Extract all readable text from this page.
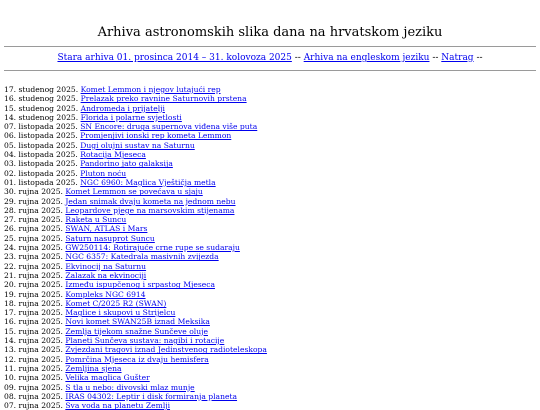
Arhiva astronomskih slika dana na hrvatskom jeziku
Stara arhiva 01. prosinca 2014 – 31. kolovoza 2025 -- Arhiva na engleskom jeziku -- Natrag --
17. studenog 2025. Komet Lemmon i njegov lutajući rep
16. studenog 2025. Prelazak preko ravnine Saturnovih prstena
15. studenog 2025. Andromeda i prijatelji
14. studenog 2025. Florida i polarne svjetlosti
07. listopada 2025. SN Encore: druga supernova viđena više puta
06. listopada 2025. Promjenjivi ionski rep kometa Lemmon
05. listopada 2025. Dugi olujni sustav na Saturnu
04. listopada 2025. Rotacija Mjeseca
03. listopada 2025. Pandorino jato galaksija
02. listopada 2025. Pluton noću
01. listopada 2025. NGC 6960: Maglica Vještičja metla
30. rujna 2025. Komet Lemmon se povećava u sjaju
29. rujna 2025. Jedan snimak dvaju kometa na jednom nebu
28. rujna 2025. Leopardove pjege na marsovskim stijenama
27. rujna 2025. Raketa u Suncu
26. rujna 2025. SWAN, ATLAS i Mars
25. rujna 2025. Saturn nasuprot Suncu
24. rujna 2025. GW250114: Rotirajuće crne rupe se sudaraju
23. rujna 2025. NGC 6357: Katedrala masivnih zvijezda
22. rujna 2025. Ekvinocij na Saturnu
21. rujna 2025. Zalazak na ekvinociji
20. rujna 2025. Između ispupčenog i srpastog Mjeseca
19. rujna 2025. Kompleks NGC 6914
18. rujna 2025. Komet C/2025 R2 (SWAN)
17. rujna 2025. Maglice i skupovi u Strijelcu
16. rujna 2025. Novi komet SWAN25B iznad Meksika
15. rujna 2025. Zemlja tijekom snažne Sunčeve oluje
14. rujna 2025. Planeti Sunčeva sustava: nagibi i rotacije
13. rujna 2025. Zvjezdani tragovi iznad Jedinstvenog radioteleskopa
12. rujna 2025. Pomrčina Mjeseca iz dvaju hemisfera
11. rujna 2025. Zemljina sjena
10. rujna 2025. Velika maglica Gušter
09. rujna 2025. S tla u nebo: divovski mlaz munje
08. rujna 2025. IRAS 04302: Leptir i disk formiranja planeta
07. rujna 2025. Sva voda na planetu Zemlji
